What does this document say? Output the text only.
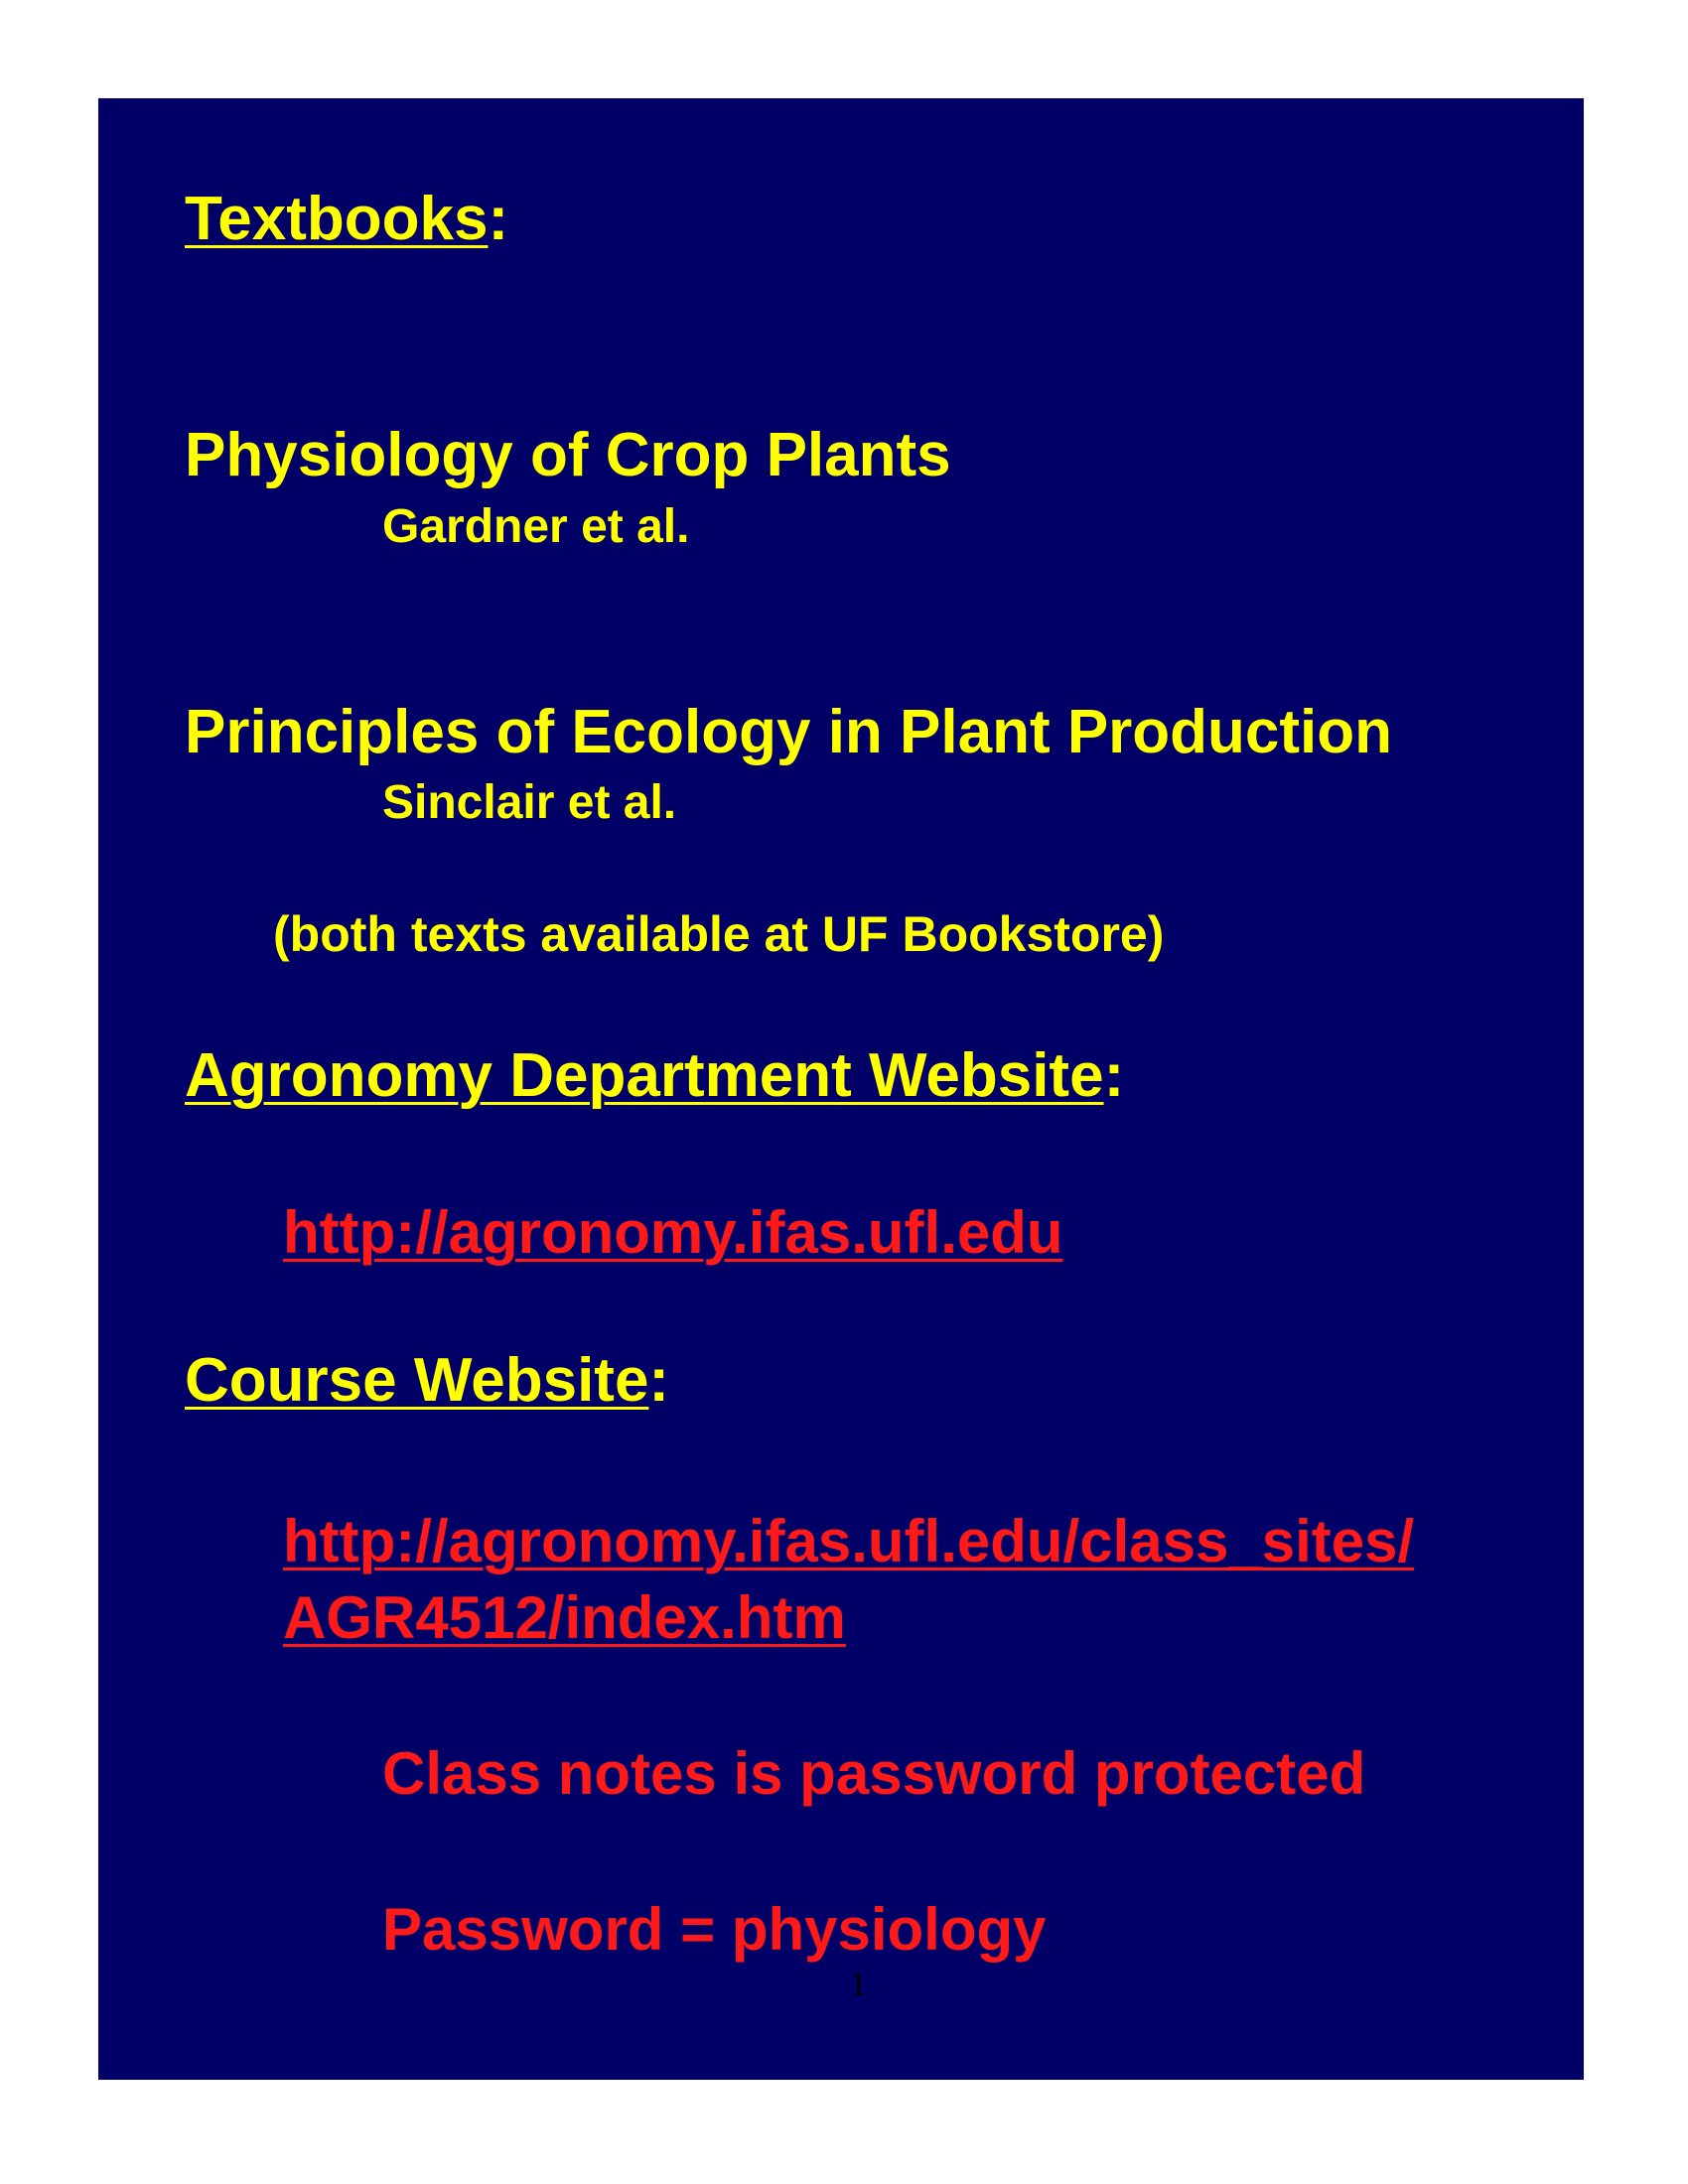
Textbooks:
Physiology of Crop Plants
Gardner et al.
Principles of Ecology in Plant Production
Sinclair et al.
(both texts available at UF Bookstore)
Agronomy Department Website:
http://agronomy.ifas.ufl.edu
Course Website:
http://agronomy.ifas.ufl.edu/class_sites/
AGR4512/index.htm
Class notes is password protected
Password = physiology
1
